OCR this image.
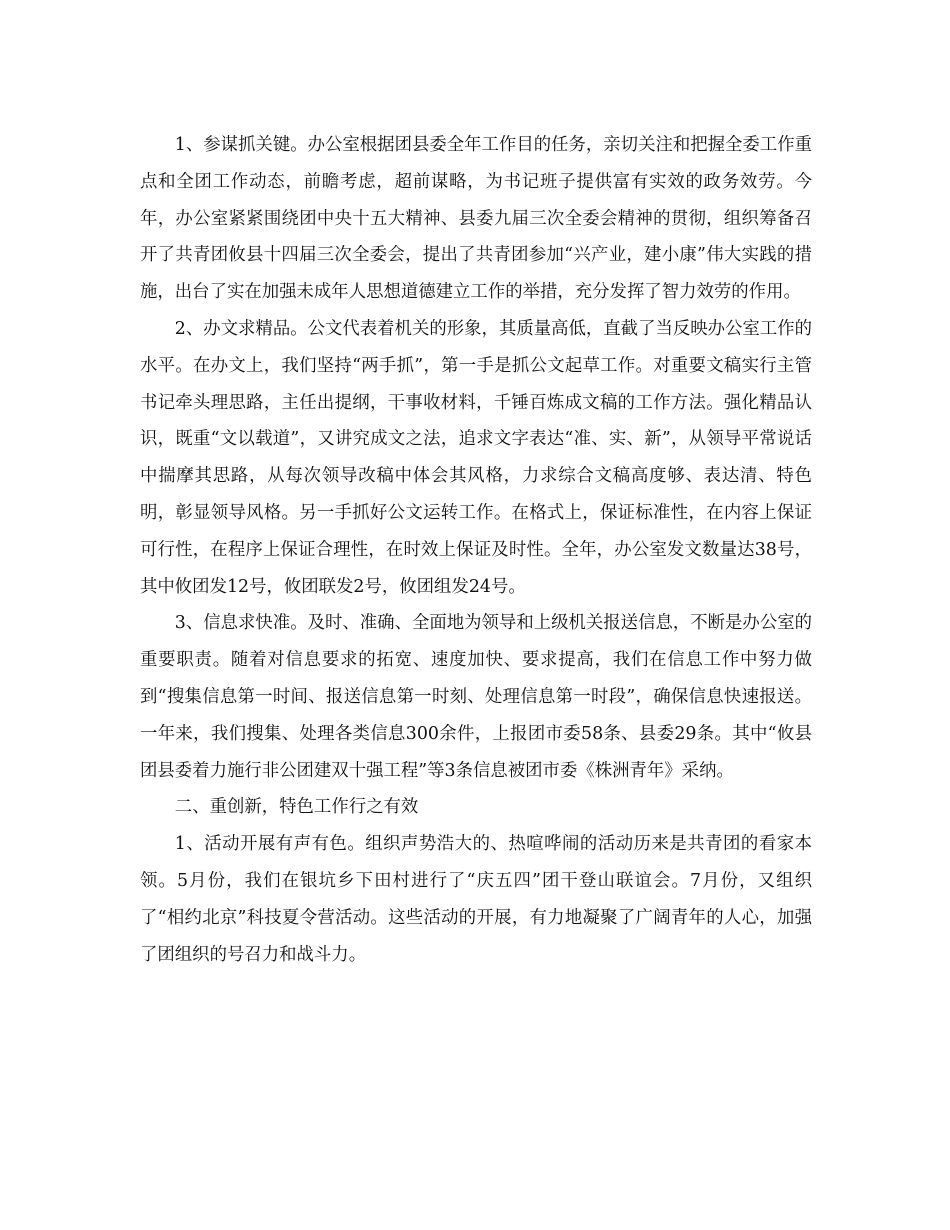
1、参谋抓关键。办公室根据团县委全年工作目的任务，亲切关注和把握全委工作重点和全团工作动态，前瞻考虑，超前谋略，为书记班子提供富有实效的政务效劳。今年，办公室紧紧围绕团中央十五大精神、县委九届三次全委会精神的贯彻，组织筹备召开了共青团攸县十四届三次全委会，提出了共青团参加“兴产业，建小康”伟大实践的措施，出台了实在加强未成年人思想道德建立工作的举措，充分发挥了智力效劳的作用。

2、办文求精品。公文代表着机关的形象，其质量高低，直截了当反映办公室工作的水平。在办文上，我们坚持“两手抓”，第一手是抓公文起草工作。对重要文稿实行主管书记牵头理思路，主任出提纲，干事收材料，千锤百炼成文稿的工作方法。强化精品认识，既重“文以载道”，又讲究成文之法，追求文字表达“准、实、新”，从领导平常说话中揣摩其思路，从每次领导改稿中体会其风格，力求综合文稿高度够、表达清、特色明，彰显领导风格。另一手抓好公文运转工作。在格式上，保证标准性，在内容上保证可行性，在程序上保证合理性，在时效上保证及时性。全年，办公室发文数量达38号，其中攸团发12号，攸团联发2号，攸团组发24号。

3、信息求快准。及时、准确、全面地为领导和上级机关报送信息，不断是办公室的重要职责。随着对信息要求的拓宽、速度加快、要求提高，我们在信息工作中努力做到“搜集信息第一时间、报送信息第一时刻、处理信息第一时段”，确保信息快速报送。一年来，我们搜集、处理各类信息300余件，上报团市委58条、县委29条。其中“攸县团县委着力施行非公团建双十强工程”等3条信息被团市委《株洲青年》采纳。

二、重创新，特色工作行之有效

1、活动开展有声有色。组织声势浩大的、热喧哗闹的活动历来是共青团的看家本领。5月份，我们在银坑乡下田村进行了“庆五四”团干登山联谊会。7月份，又组织了“相约北京”科技夏令营活动。这些活动的开展，有力地凝聚了广阔青年的人心，加强了团组织的号召力和战斗力。
